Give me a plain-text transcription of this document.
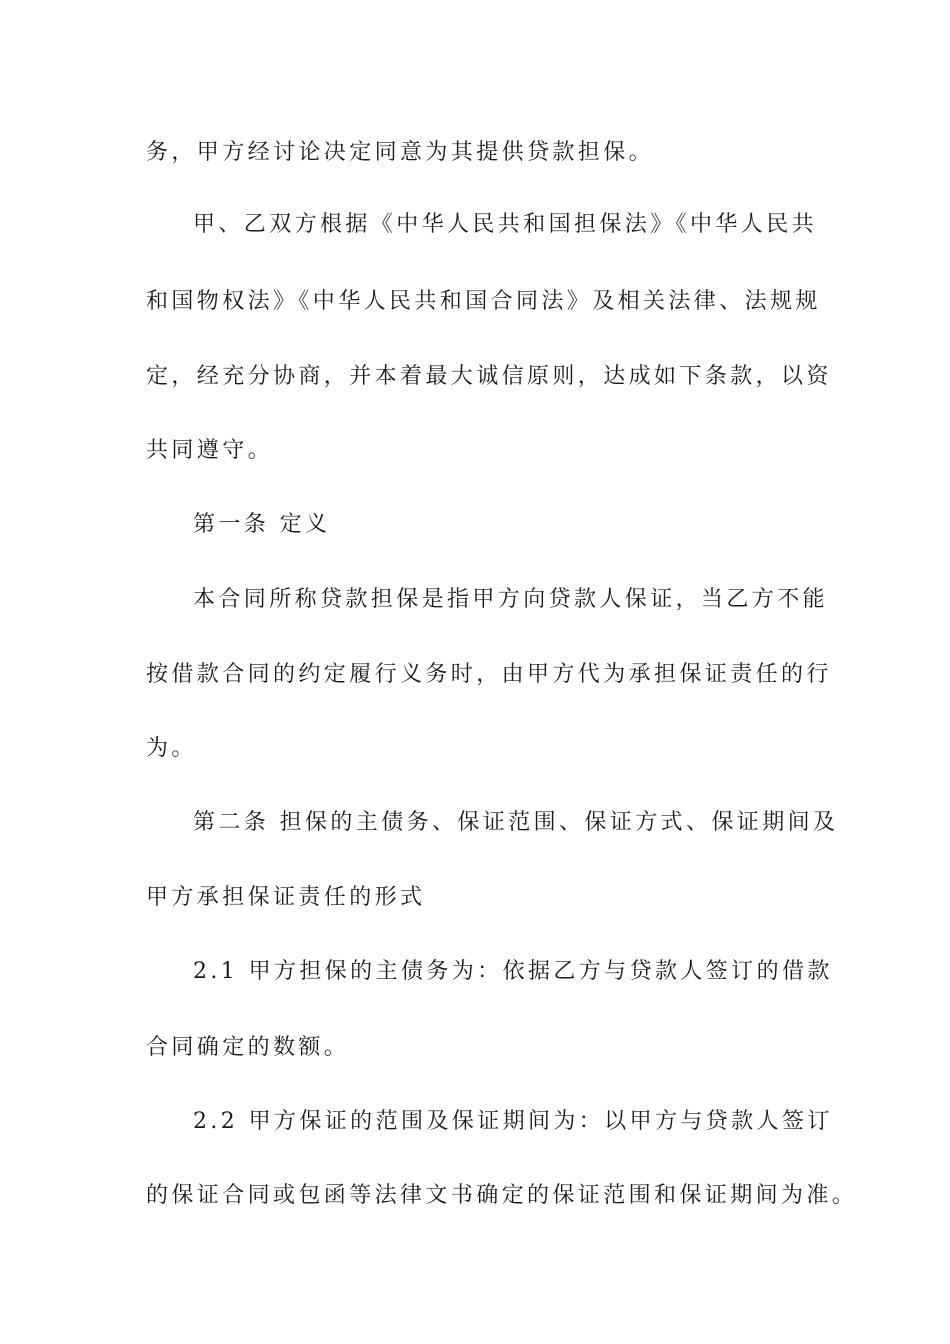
务，甲方经讨论决定同意为其提供贷款担保。
甲、乙双方根据《中华人民共和国担保法》《中华人民共
和国物权法》《中华人民共和国合同法》及相关法律、法规规
定，经充分协商，并本着最大诚信原则，达成如下条款，以资
共同遵守。
第一条 定义
本合同所称贷款担保是指甲方向贷款人保证，当乙方不能
按借款合同的约定履行义务时，由甲方代为承担保证责任的行
为。
第二条 担保的主债务、保证范围、保证方式、保证期间及
甲方承担保证责任的形式
2.1 甲方担保的主债务为：依据乙方与贷款人签订的借款
合同确定的数额。
2.2 甲方保证的范围及保证期间为：以甲方与贷款人签订
的保证合同或包函等法律文书确定的保证范围和保证期间为准。
